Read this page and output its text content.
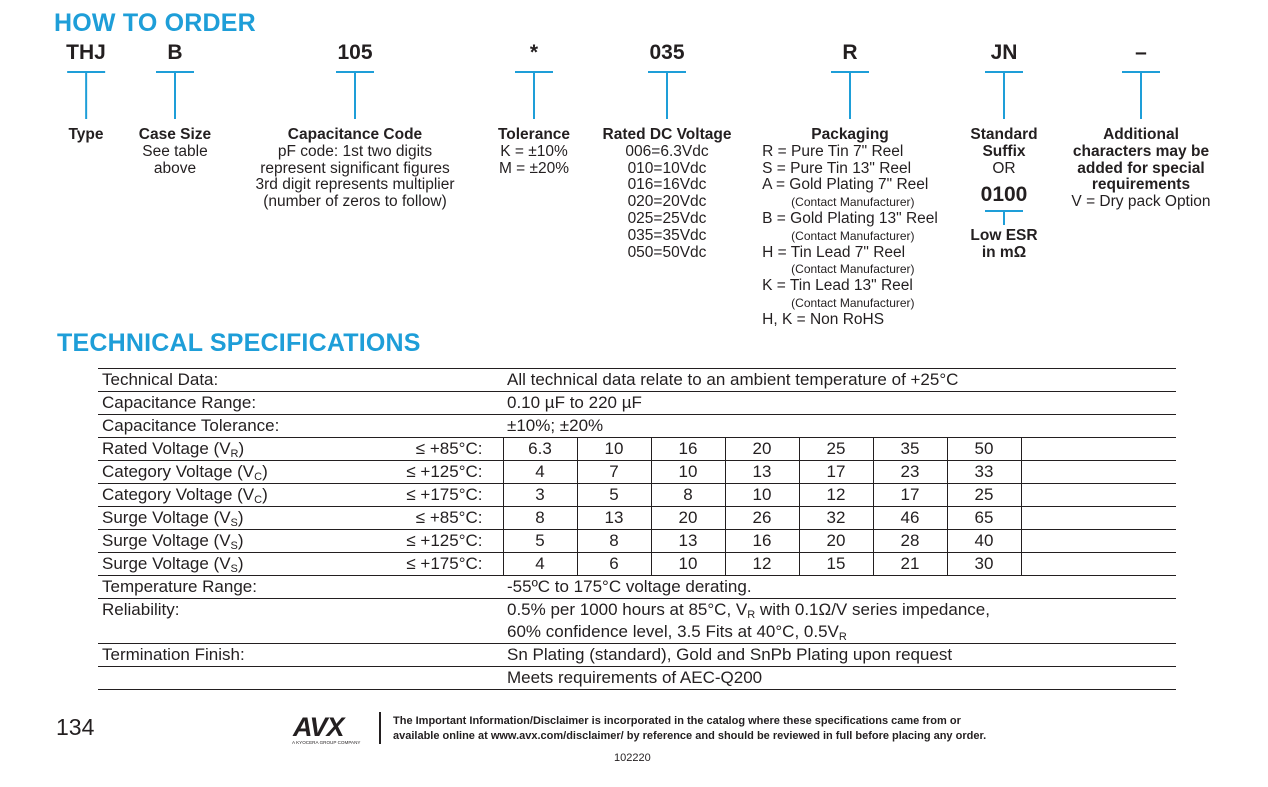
HOW TO ORDER
THJ	B	105	*	035	R	JN	–
Type Case Size
See table
above
Capacitance Code
pF code: 1st two digits
represent significant figures
3rd digit represents multiplier
(number of zeros to follow)
Tolerance
K = ±10%
M = ±20%
Rated DC Voltage
006=6.3Vdc
010=10Vdc
016=16Vdc
020=20Vdc
025=25Vdc
035=35Vdc
050=50Vdc
Packaging
R = Pure Tin 7" Reel
S = Pure Tin 13" Reel
A = Gold Plating 7" Reel
(Contact Manufacturer)
B = Gold Plating 13" Reel
(Contact Manufacturer)
H = Tin Lead 7" Reel
(Contact Manufacturer)
K = Tin Lead 13" Reel
(Contact Manufacturer)
H, K = Non RoHS
Standard Suffix
OR
0100
Low ESR in mΩ
Additional characters may be added for special requirements
V = Dry pack Option
TECHNICAL SPECIFICATIONS
Technical Data:		All technical data relate to an ambient temperature of +25°C							
Capacitance Range:		0.10 µF to 220 µF							
Capacitance Tolerance:		±10%; ±20%							
Rated Voltage $(V_R)$	≤ +85°C:	6.3	10	16	20	25	35	50	
Category Voltage $(V_C)$	≤ +125°C:	4	7	10	13	17	23	33	
Category Voltage $(V_C)$	≤ +175°C:	3	5	8	10	12	17	25	
Surge Voltage $(V_S)$	≤ +85°C:	8	13	20	26	32	46	65	
Surge Voltage $(V_S)$	≤ +125°C:	5	8	13	16	20	28	40	
Surge Voltage $(V_S)$	≤ +175°C:	4	6	10	12	15	21	30	
Temperature Range:		-55ºC to 175°C voltage derating.							
Reliability:		0.5% per 1000 hours at 85°C, $V_R$ with 0.1Ω/V series impedance,							
		60% confidence level, 3.5 Fits at 40°C, $0.5V_R$
Termination Finish:		Sn Plating (standard), Gold and SnPb Plating upon request							
		Meets requirements of AEC-Q200							
134	AVX
A KYOCERA GROUP COMPANY
The Important Information/Disclaimer is incorporated in the catalog where these specifications came from or
available online at www.avx.com/disclaimer/ by reference and should be reviewed in full before placing any order.
102220
